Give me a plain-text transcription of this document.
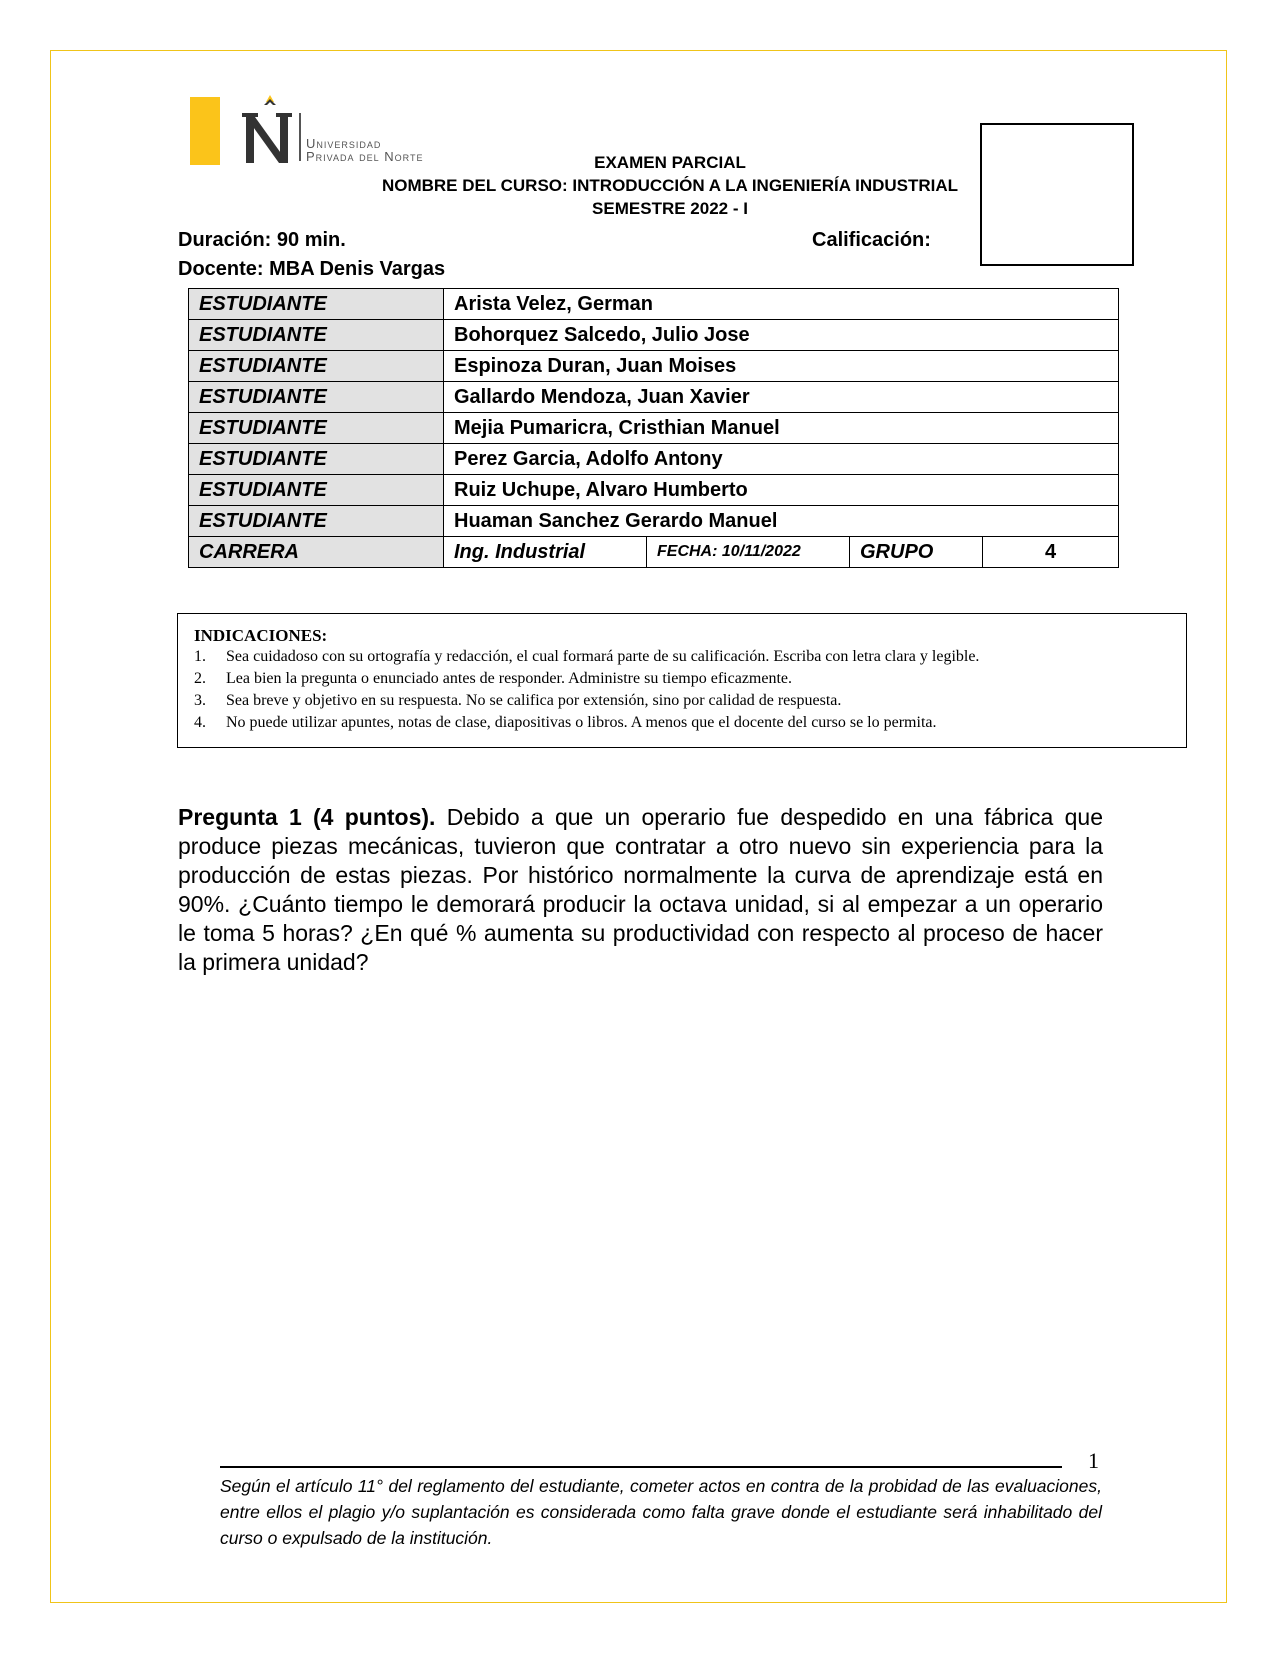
Universidad
Privada del Norte	EXAMEN PARCIAL
NOMBRE DEL CURSO: INTRODUCCIÓN A LA INGENIERÍA INDUSTRIAL
SEMESTRE 2022 - I
Duración: 90 min.	Calificación:
Docente: MBA Denis Vargas
ESTUDIANTE	Arista Velez, German			
ESTUDIANTE	Bohorquez Salcedo, Julio Jose			
ESTUDIANTE	Espinoza Duran, Juan Moises			
ESTUDIANTE	Gallardo Mendoza, Juan Xavier			
ESTUDIANTE	Mejia Pumaricra, Cristhian Manuel			
ESTUDIANTE	Perez Garcia, Adolfo Antony			
ESTUDIANTE	Ruiz Uchupe, Alvaro Humberto			
ESTUDIANTE	Huaman Sanchez Gerardo Manuel			
CARRERA	Ing. Industrial	FECHA: 10/11/2022	GRUPO	4
INDICACIONES:
1.	Sea cuidadoso con su ortografía y redacción, el cual formará parte de su calificación. Escriba con letra clara y legible.
2.	Lea bien la pregunta o enunciado antes de responder. Administre su tiempo eficazmente.
3.	Sea breve y objetivo en su respuesta. No se califica por extensión, sino por calidad de respuesta.
4.	No puede utilizar apuntes, notas de clase, diapositivas o libros. A menos que el docente del curso se lo permita.
Pregunta 1 (4 puntos). Debido a que un operario fue despedido en una fábrica que produce piezas mecánicas, tuvieron que contratar a otro nuevo sin experiencia para la producción de estas piezas. Por histórico normalmente la curva de aprendizaje está en 90%. ¿Cuánto tiempo le demorará producir la octava unidad, si al empezar a un operario le toma 5 horas? ¿En qué % aumenta su productividad con respecto al proceso de hacer la primera unidad?
1
Según el artículo 11° del reglamento del estudiante, cometer actos en contra de la probidad de las evaluaciones, entre ellos el plagio y/o suplantación es considerada como falta grave donde el estudiante será inhabilitado del curso o expulsado de la institución.
